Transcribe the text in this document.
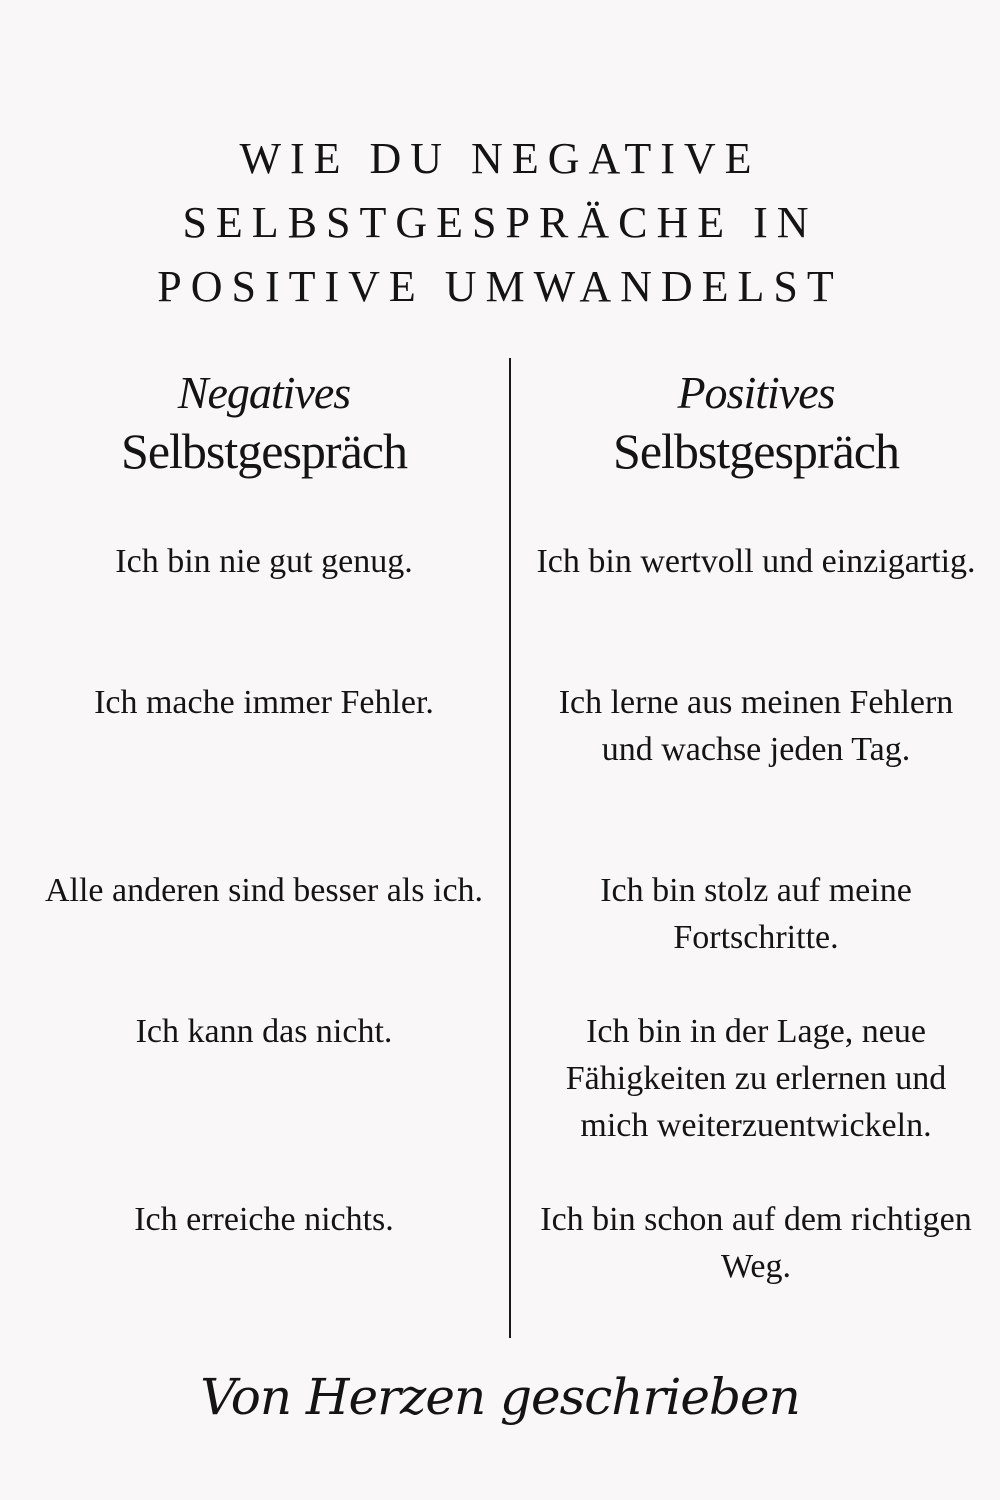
WIE DU NEGATIVE
SELBSTGESPRÄCHE IN
POSITIVE UMWANDELST
Negatives
Selbstgespräch
Ich bin nie gut genug.
Ich mache immer Fehler.
Alle anderen sind besser als ich.
Ich kann das nicht.
Ich erreiche nichts.
Positives
Selbstgespräch
Ich bin wertvoll und einzigartig.
Ich lerne aus meinen Fehlern und wachse jeden Tag.
Ich bin stolz auf meine Fortschritte.
Ich bin in der Lage, neue Fähigkeiten zu erlernen und mich weiterzuentwickeln.
Ich bin schon auf dem richtigen Weg.
Von Herzen geschrieben
